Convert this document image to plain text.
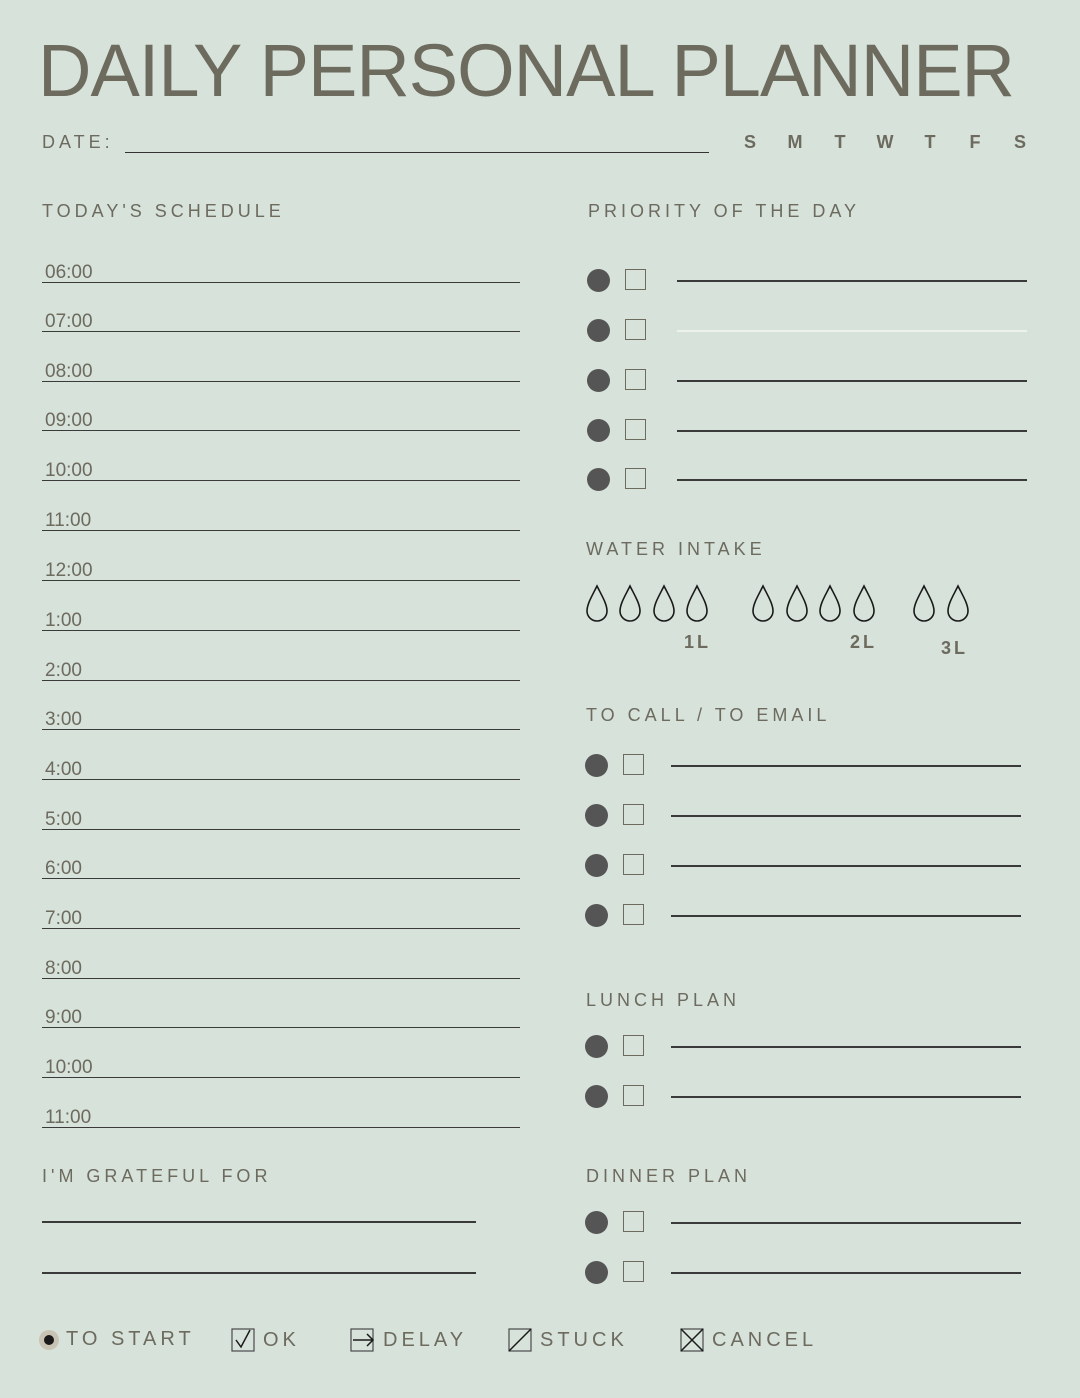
DAILY PERSONAL PLANNER
DATE:	S M T W T F S
TODAY'S SCHEDULE
06:00
07:00
08:00
09:00
10:00
11:00
12:00
1:00
2:00
3:00
4:00
5:00
6:00
7:00
8:00
9:00
10:00
11:00
I'M GRATEFUL FOR
PRIORITY OF THE DAY
WATER INTAKE
1L	2L	3L
TO CALL / TO EMAIL
LUNCH PLAN
DINNER PLAN
TO START	OK	DELAY	STUCK	CANCEL
